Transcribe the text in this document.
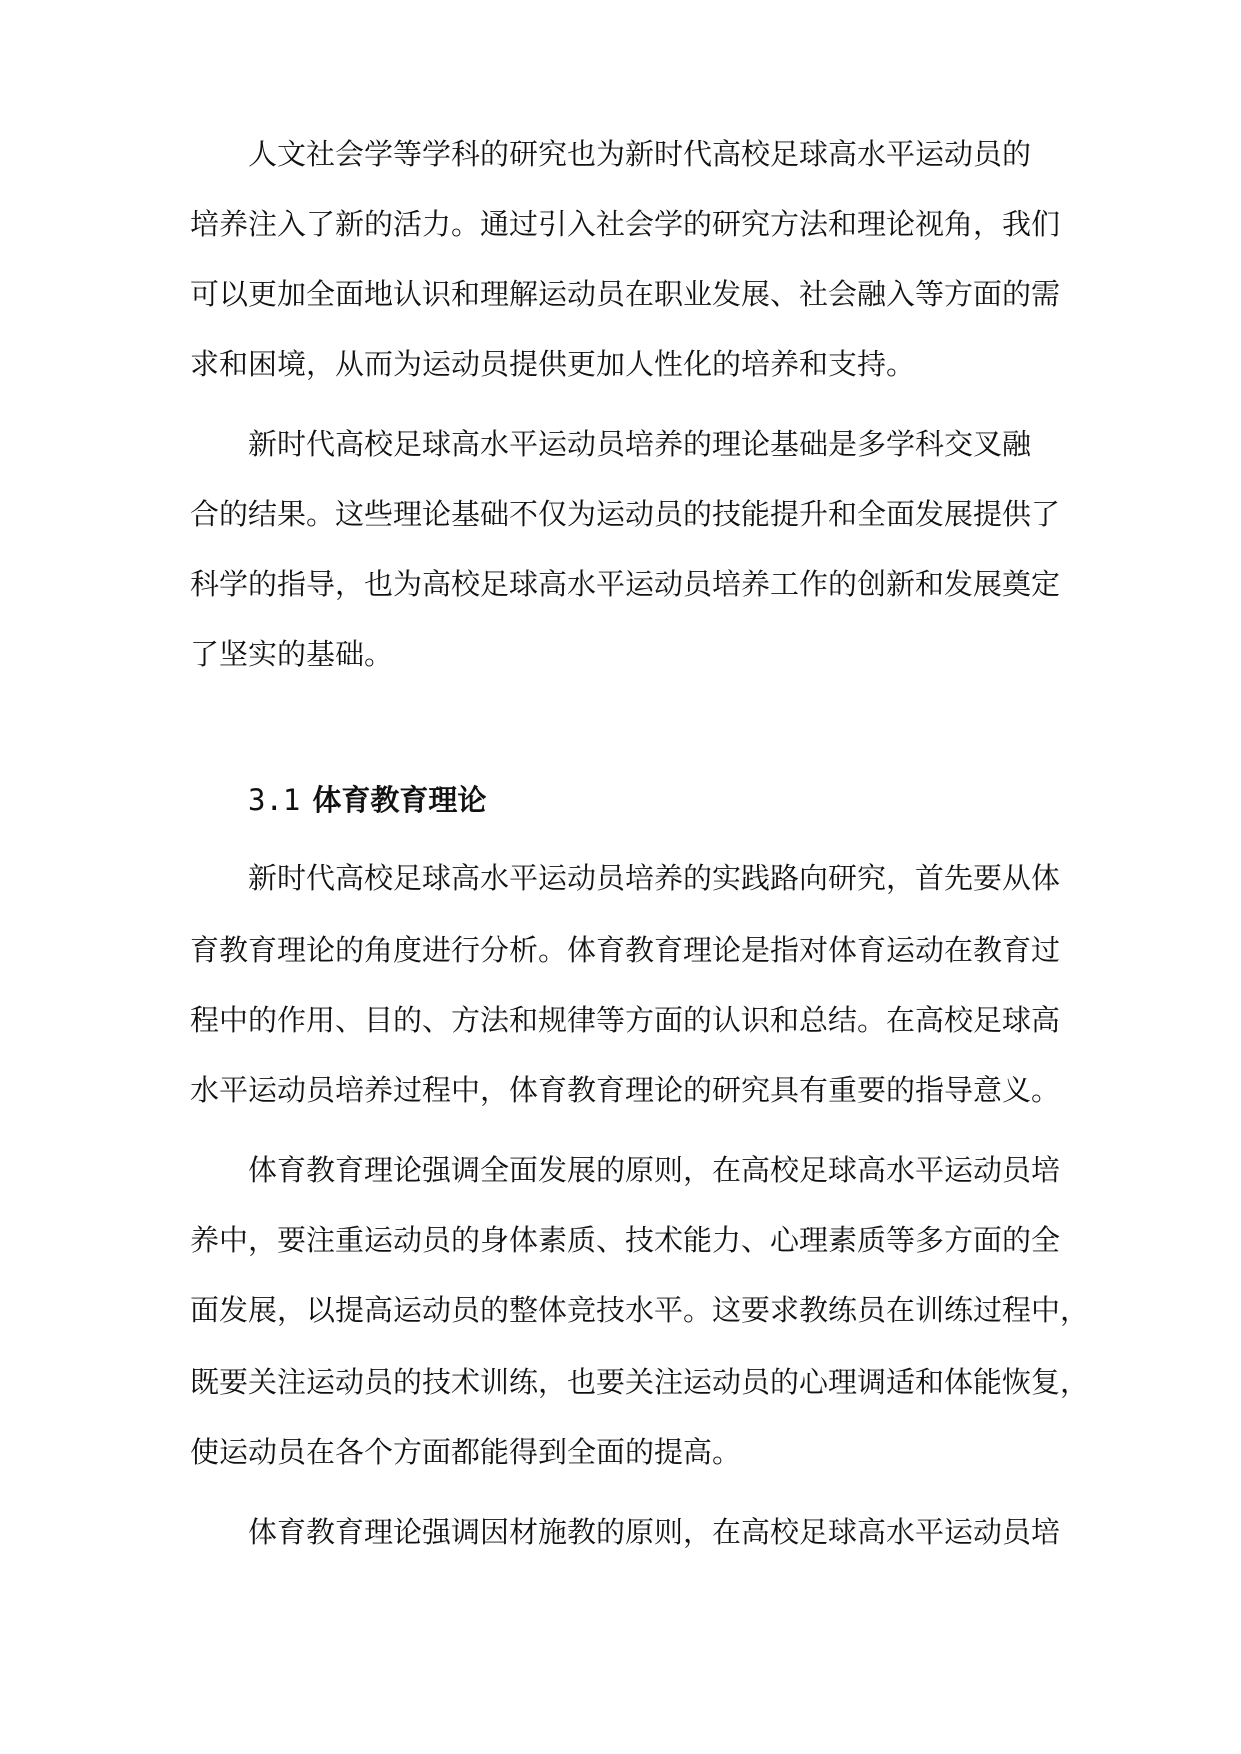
人文社会学等学科的研究也为新时代高校足球高水平运动员的
培养注入了新的活力。通过引入社会学的研究方法和理论视角，我们
可以更加全面地认识和理解运动员在职业发展、社会融入等方面的需
求和困境，从而为运动员提供更加人性化的培养和支持。
新时代高校足球高水平运动员培养的理论基础是多学科交叉融
合的结果。这些理论基础不仅为运动员的技能提升和全面发展提供了
科学的指导，也为高校足球高水平运动员培养工作的创新和发展奠定
了坚实的基础。
3.1 体育教育理论
新时代高校足球高水平运动员培养的实践路向研究，首先要从体
育教育理论的角度进行分析。体育教育理论是指对体育运动在教育过
程中的作用、目的、方法和规律等方面的认识和总结。在高校足球高
水平运动员培养过程中，体育教育理论的研究具有重要的指导意义。
体育教育理论强调全面发展的原则，在高校足球高水平运动员培
养中，要注重运动员的身体素质、技术能力、心理素质等多方面的全
面发展，以提高运动员的整体竞技水平。这要求教练员在训练过程中，
既要关注运动员的技术训练，也要关注运动员的心理调适和体能恢复，
使运动员在各个方面都能得到全面的提高。
体育教育理论强调因材施教的原则，在高校足球高水平运动员培
